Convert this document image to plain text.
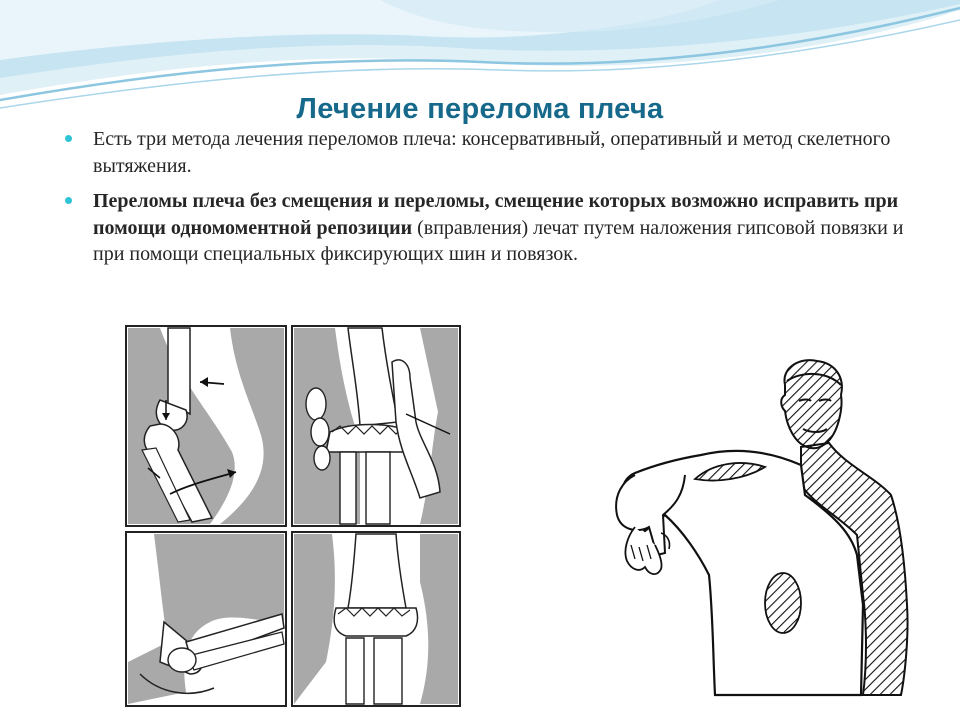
Лечение перелома плеча
Есть три метода лечения переломов плеча: консервативный, оперативный и метод скелетного вытяжения.
Переломы плеча без смещения и переломы, смещение которых возможно исправить при помощи одномоментной репозиции (вправления) лечат путем наложения гипсовой повязки и при помощи специальных фиксирующих шин и повязок.
